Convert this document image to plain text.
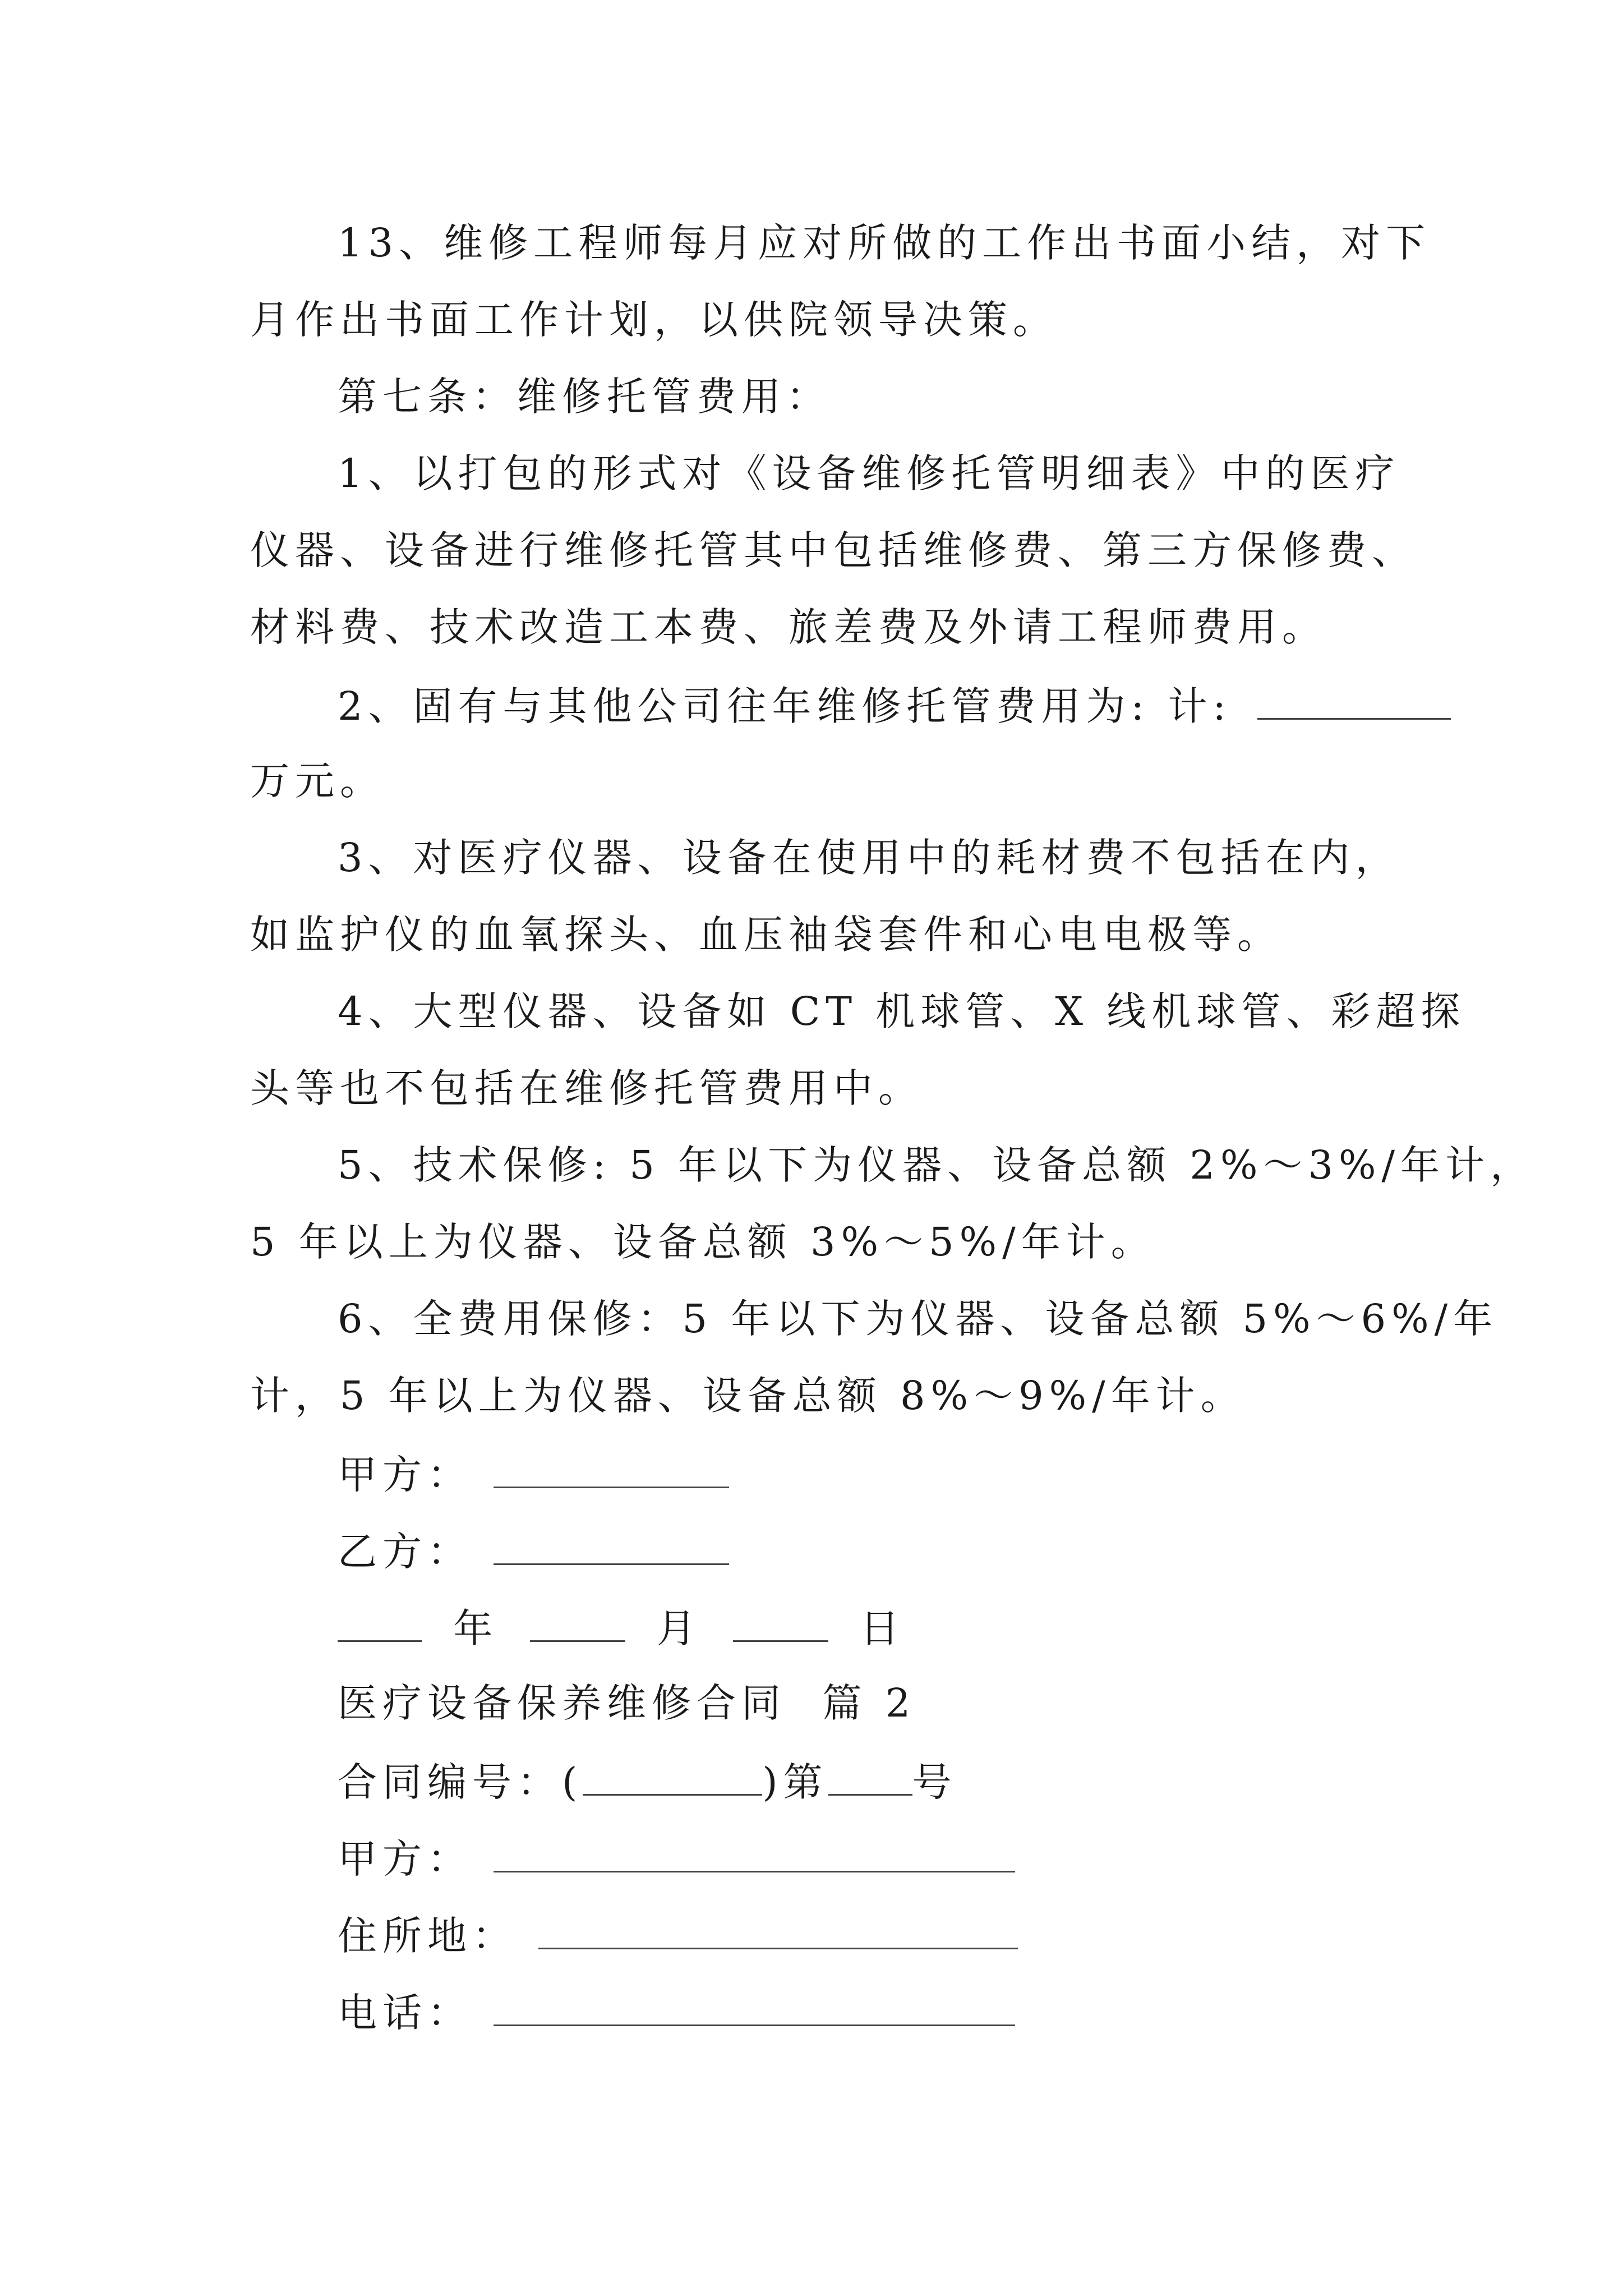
13、维修工程师每月应对所做的工作出书面小结，对下

月作出书面工作计划，以供院领导决策。

第七条：维修托管费用：

1、以打包的形式对《设备维修托管明细表》中的医疗

仪器、设备进行维修托管其中包括维修费、第三方保修费、

材料费、技术改造工本费、旅差费及外请工程师费用。

2、固有与其他公司往年维修托管费用为: 计:

万元。

3、对医疗仪器、设备在使用中的耗材费不包括在内，

如监护仪的血氧探头、血压袖袋套件和心电电极等。

4、大型仪器、设备如 CT 机球管、X 线机球管、彩超探

头等也不包括在维修托管费用中。

5、技术保修: 5 年以下为仪器、设备总额 2%～3%/年计，

5 年以上为仪器、设备总额 3%～5%/年计。

6、全费用保修：5 年以下为仪器、设备总额 5%～6%/年

计，5 年以上为仪器、设备总额 8%～9%/年计。

甲方：

乙方：

年	月	日

医疗设备保养维修合同  篇 2

合同编号：(	)第 号

甲方：

住所地：

电话：
